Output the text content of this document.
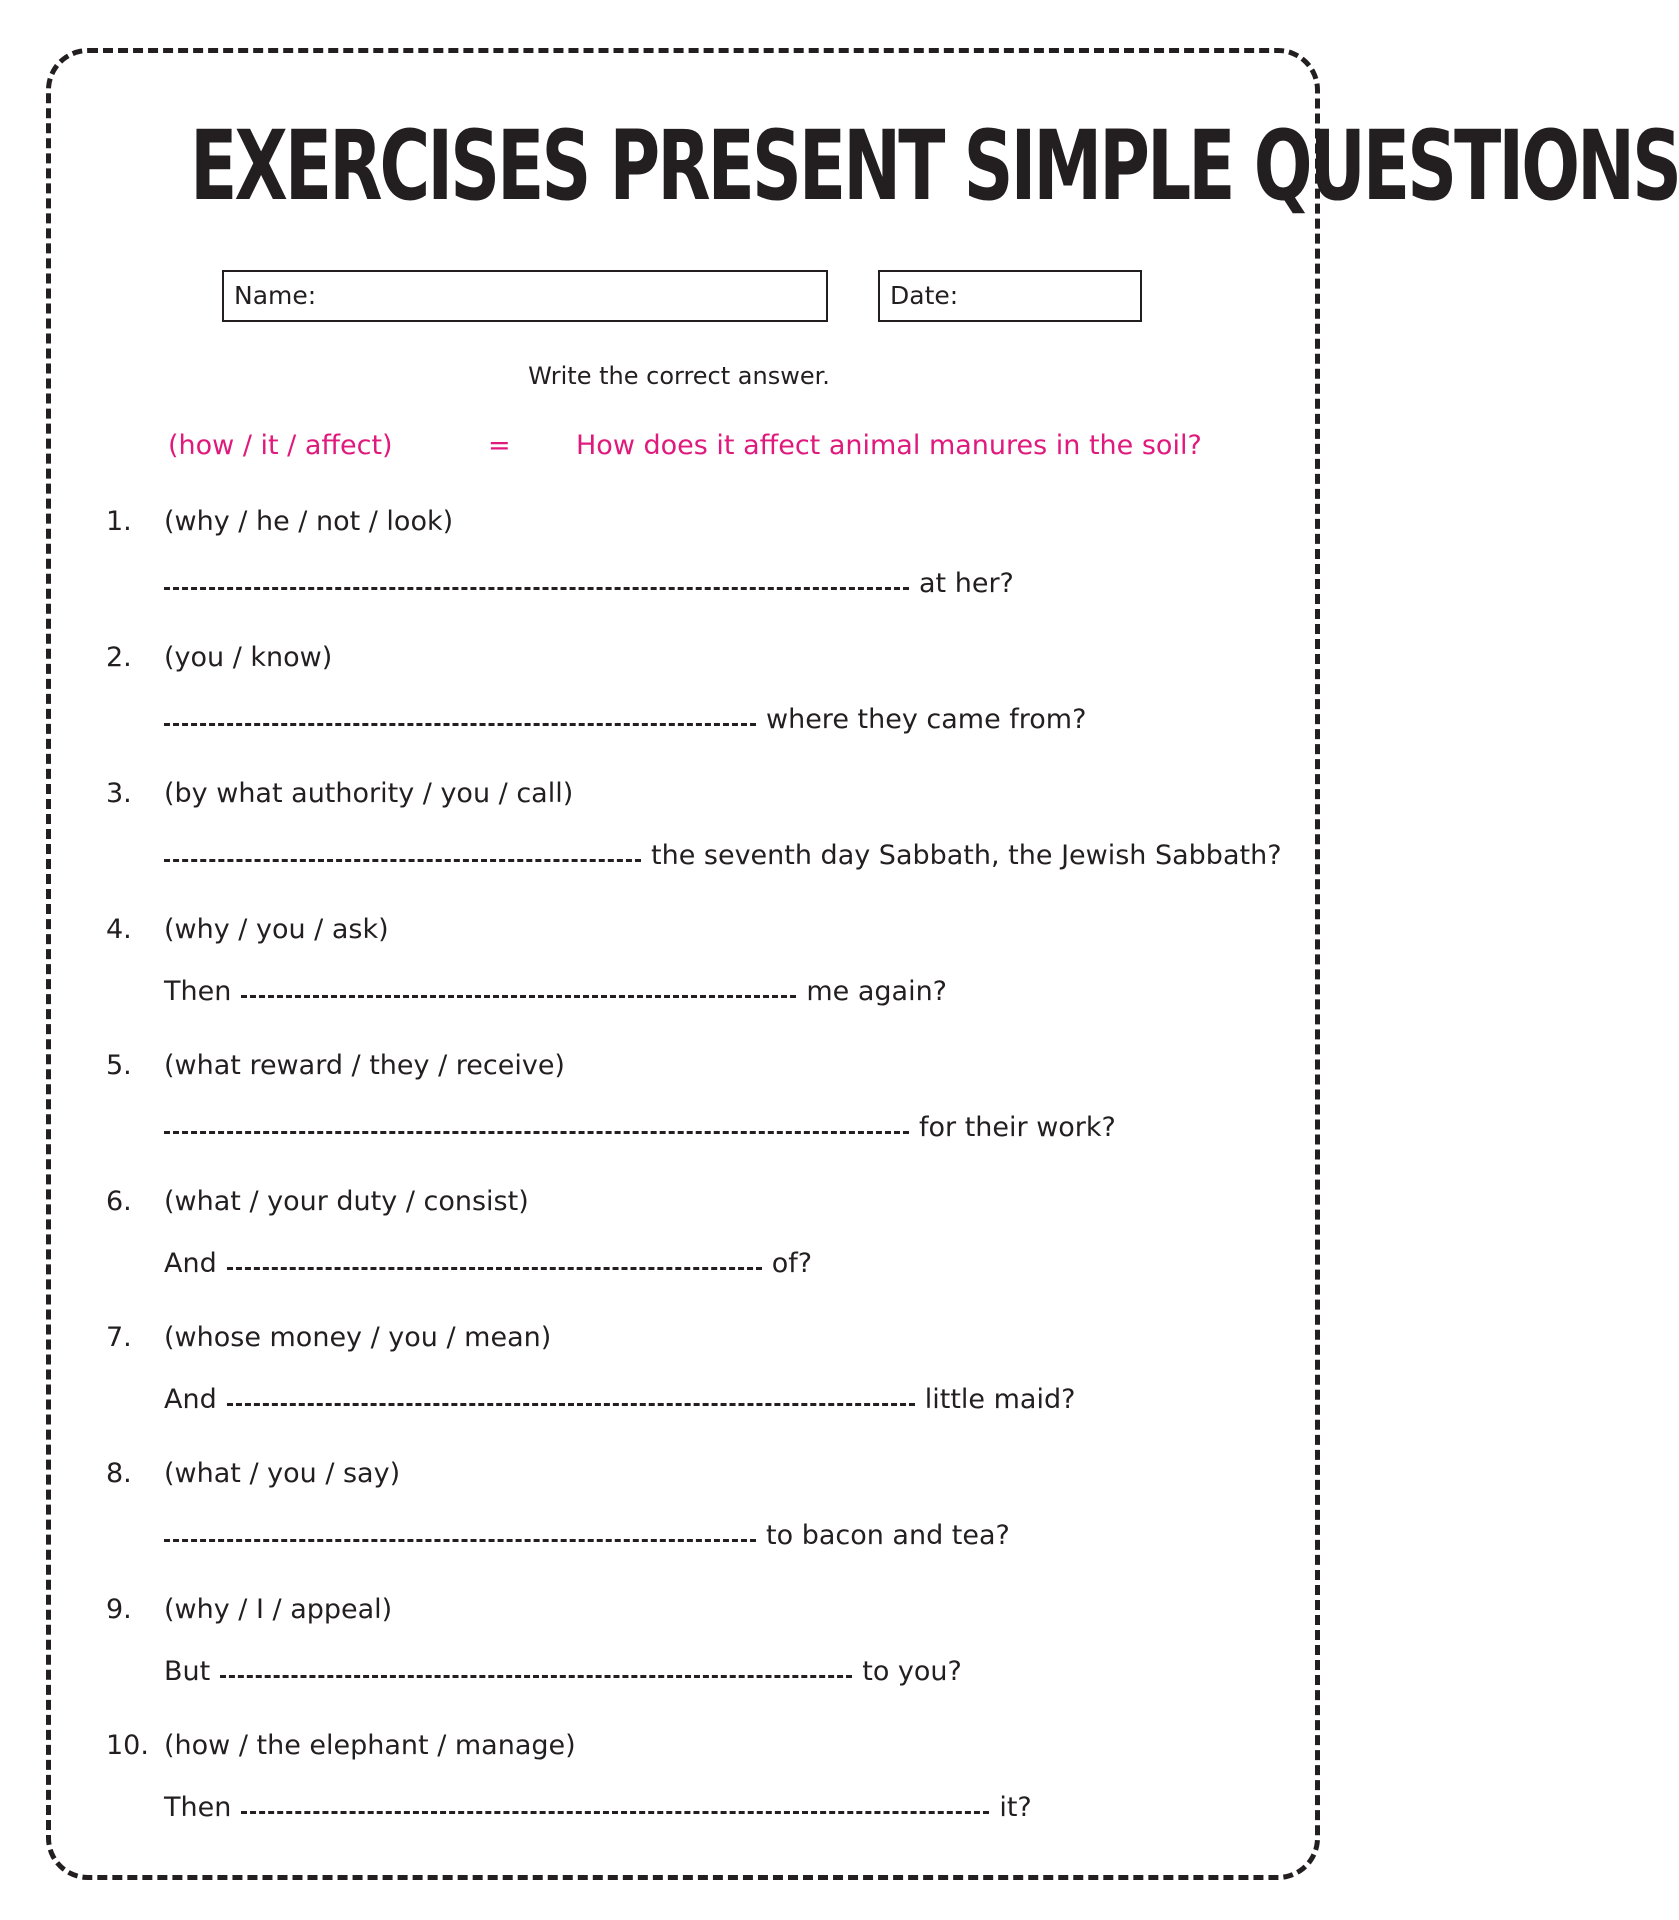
EXERCISES PRESENT SIMPLE QUESTIONS
Name:	Date:
Write the correct answer.
(how / it / affect)	= How does it affect animal manures in the soil?
1. (why / he / not / look)
at her?
2. (you / know)
where they came from?
3. (by what authority / you / call)
the seventh day Sabbath, the Jewish Sabbath?
4. (why / you / ask)
Then	me again?
5. (what reward / they / receive)
for their work?
6. (what / your duty / consist)
And	of?
7. (whose money / you / mean)
And	little maid?
8. (what / you / say)
to bacon and tea?
9. (why / I / appeal)
But	to you?
10. (how / the elephant / manage)
Then	it?
